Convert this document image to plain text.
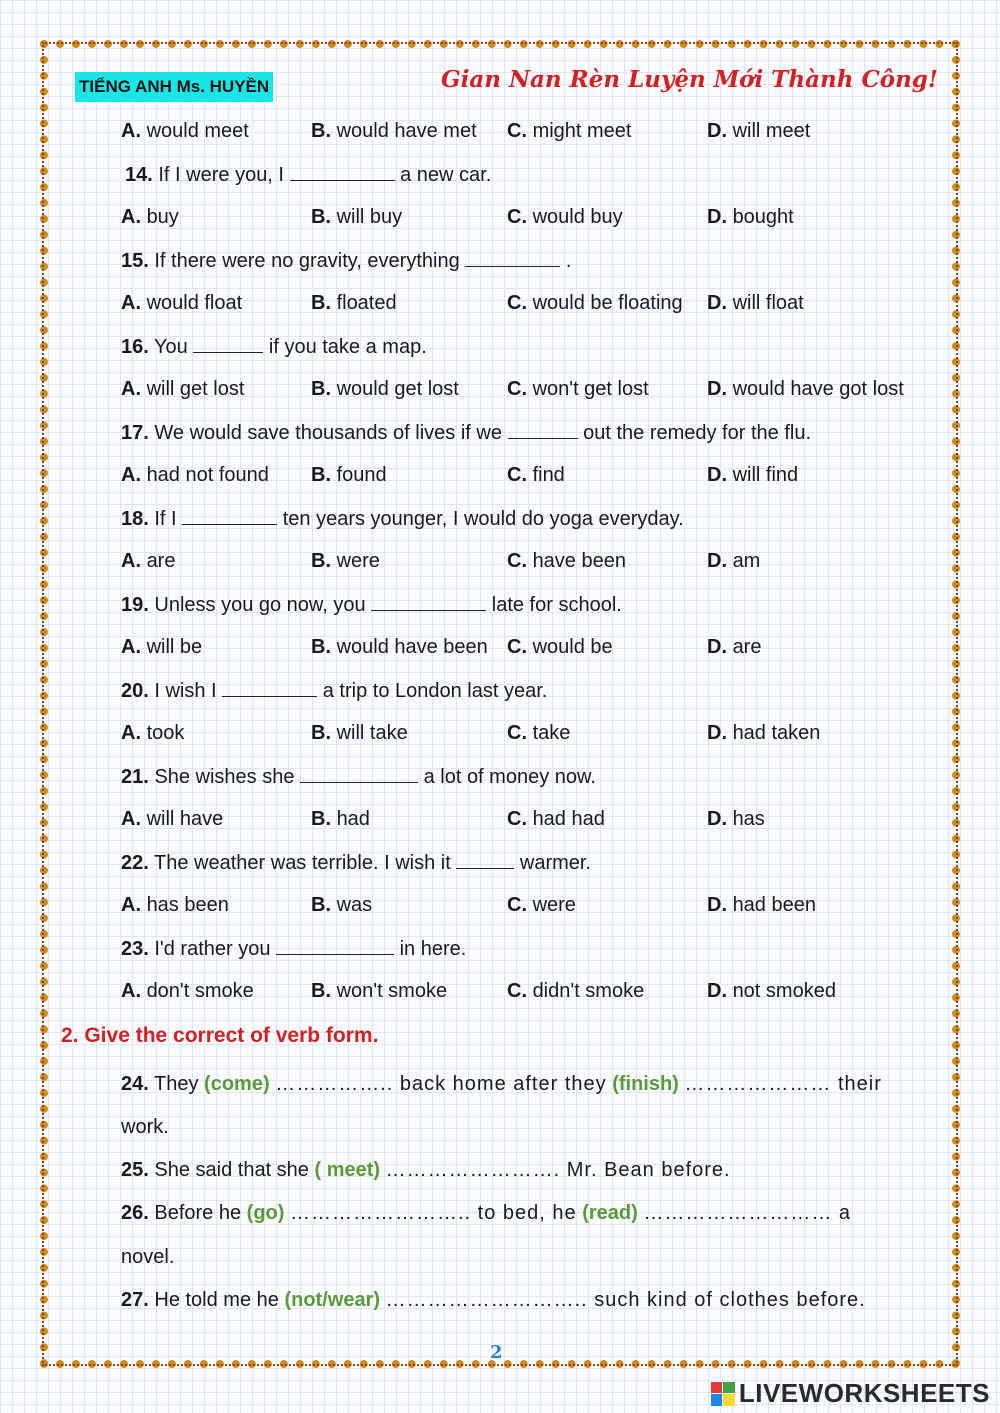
TIẾNG ANH Ms. HUYỀN	Gian Nan Rèn Luyện Mới Thành Công!
A. would meet	B. would have met C. might meet	D. will meet
14. If I were you, I	a new car.
A. buy	B. will buy	C. would buy	D. bought
15. If there were no gravity, everything	.
A. would float	B. floated	C. would be floating D. will float
16. You	if you take a map.
A. will get lost	B. would get lost C. won't get lost	D. would have got lost
17. We would save thousands of lives if we	out the remedy for the flu.
A. had not found B. found	C. find	D. will find
18. If I	ten years younger, I would do yoga everyday.
A. are	B. were	C. have been	D. am
19. Unless you go now, you	late for school.
A. will be	B. would have been C. would be	D. are
20. I wish I	a trip to London last year.
A. took	B. will take	C. take	D. had taken
21. She wishes she	a lot of money now.
A. will have	B. had	C. had had	D. has
22. The weather was terrible. I wish it	warmer.
A. has been	B. was	C. were	D. had been
23. I'd rather you	in here.
A. don't smoke	B. won't smoke	C. didn't smoke	D. not smoked
2. Give the correct of verb form.
24. They (come) …………….. back home after they (finish) ………………… their
work.
25. She said that she ( meet) ……………………. Mr. Bean before.
26. Before he (go) …………………….. to bed, he (read) ……………………… a
novel.
27. He told me he (not/wear) ……………………….. such kind of clothes before.
2
LIVEWORKSHEETS
